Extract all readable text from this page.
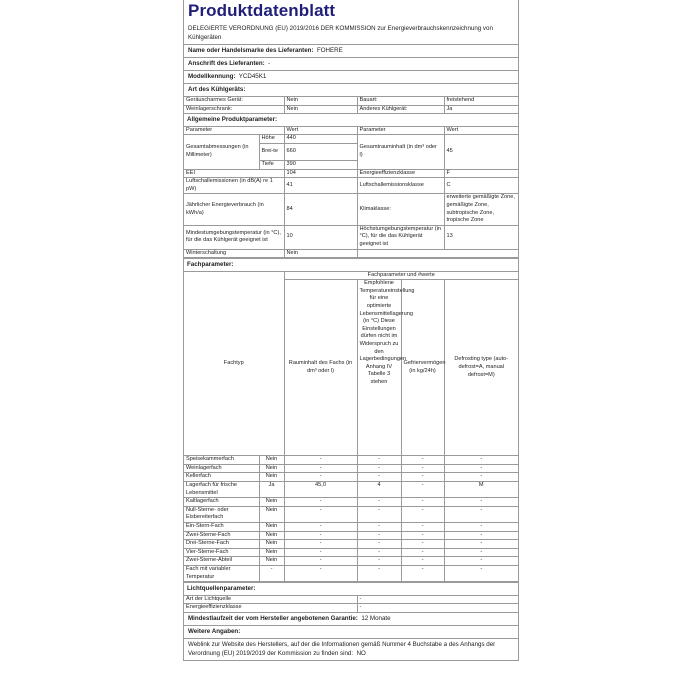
Produktdatenblatt
DELEGIERTE VERORDNUNG (EU) 2019/2016 DER KOMMISSION zur Energieverbrauchskennzeichnung von Kühlgeräten
Name oder Handelsmarke des Lieferanten: FOHERE
Anschrift des Lieferanten: -
Modellkennung: YCD45K1
Art des Kühlgeräts:
Geräuscharmes Gerät:		Nein	Bauart:	freistehend
Weinlagerschrank:		Nein	Anderes Kühlgerät:	Ja
Allgemeine Produktparameter:				
Parameter		Wert	Parameter	Wert
Gesamtabmessungen (in Millimeter)	Höhe	440	Gesamtrauminhalt (in dm³ oder l)	45
	Brei-te	660		
	Tiefe	390		
EEI		104	Energieeffizienzklasse	F
Luftschallemissionen (in dB(A) re 1 pW)		41	Luftschallemissionsklasse	C
Jährlicher Energieverbrauch (in kWh/a)		84	Klimaklasse:	erweiterte gemäßigte Zone, gemäßigte Zone, subtropische Zone, tropische Zone
Mindestumgebungstemperatur (in °C), für die das Kühlgerät geeignet ist		10	Höchstumgebungstemperatur (in °C), für die das Kühlgerät geeignet ist	13
Winterschaltung		Nein		
Fachparameter:					
Fachtyp		Fachparameter und #werte			
		Rauminhalt des Fachs (in dm³ oder l)	Empfohlene Temperatureinstellung für eine optimierte Lebensmittellagerung (in °C) Diese Einstellungen dürfen nicht im Widerspruch zu den Lagerbedingungen Anhang IV Tabelle 3 stehen	Gefriervermögen (in kg/24h)	Defrosting type (auto-defrost=A, manual defrost=M)
Speisekammerfach	Nein	-	-	-	-
Weinlagerfach	Nein	-	-	-	-
Kellerfach	Nein	-	-	-	-
Lagerfach für frische Lebensmittel	Ja	45,0	4	-	M
Kaltlagerfach	Nein	-	-	-	-
Null-Sterne- oder Eisbereiterfach	Nein	-	-	-	-
Ein-Stern-Fach	Nein	-	-	-	-
Zwei-Sterne-Fach	Nein	-	-	-	-
Drei-Sterne-Fach	Nein	-	-	-	-
Vier-Sterne-Fach	Nein	-	-	-	-
Zwei-Sterne-Abteil	Nein	-	-	-	-
Fach mit variabler Temperatur	-	-	-	-	-
Lichtquellenparameter:	
Art der Lichtquelle	-
Energieeffizienzklasse	-
Mindestlaufzeit der vom Hersteller angebotenen Garantie: 12 Monate
Weitere Angaben:
Weblink zur Website des Herstellers, auf der die Informationen gemäß Nummer 4 Buchstabe a des Anhangs der Verordnung (EU) 2019/2019 der Kommission zu finden sind: NO
